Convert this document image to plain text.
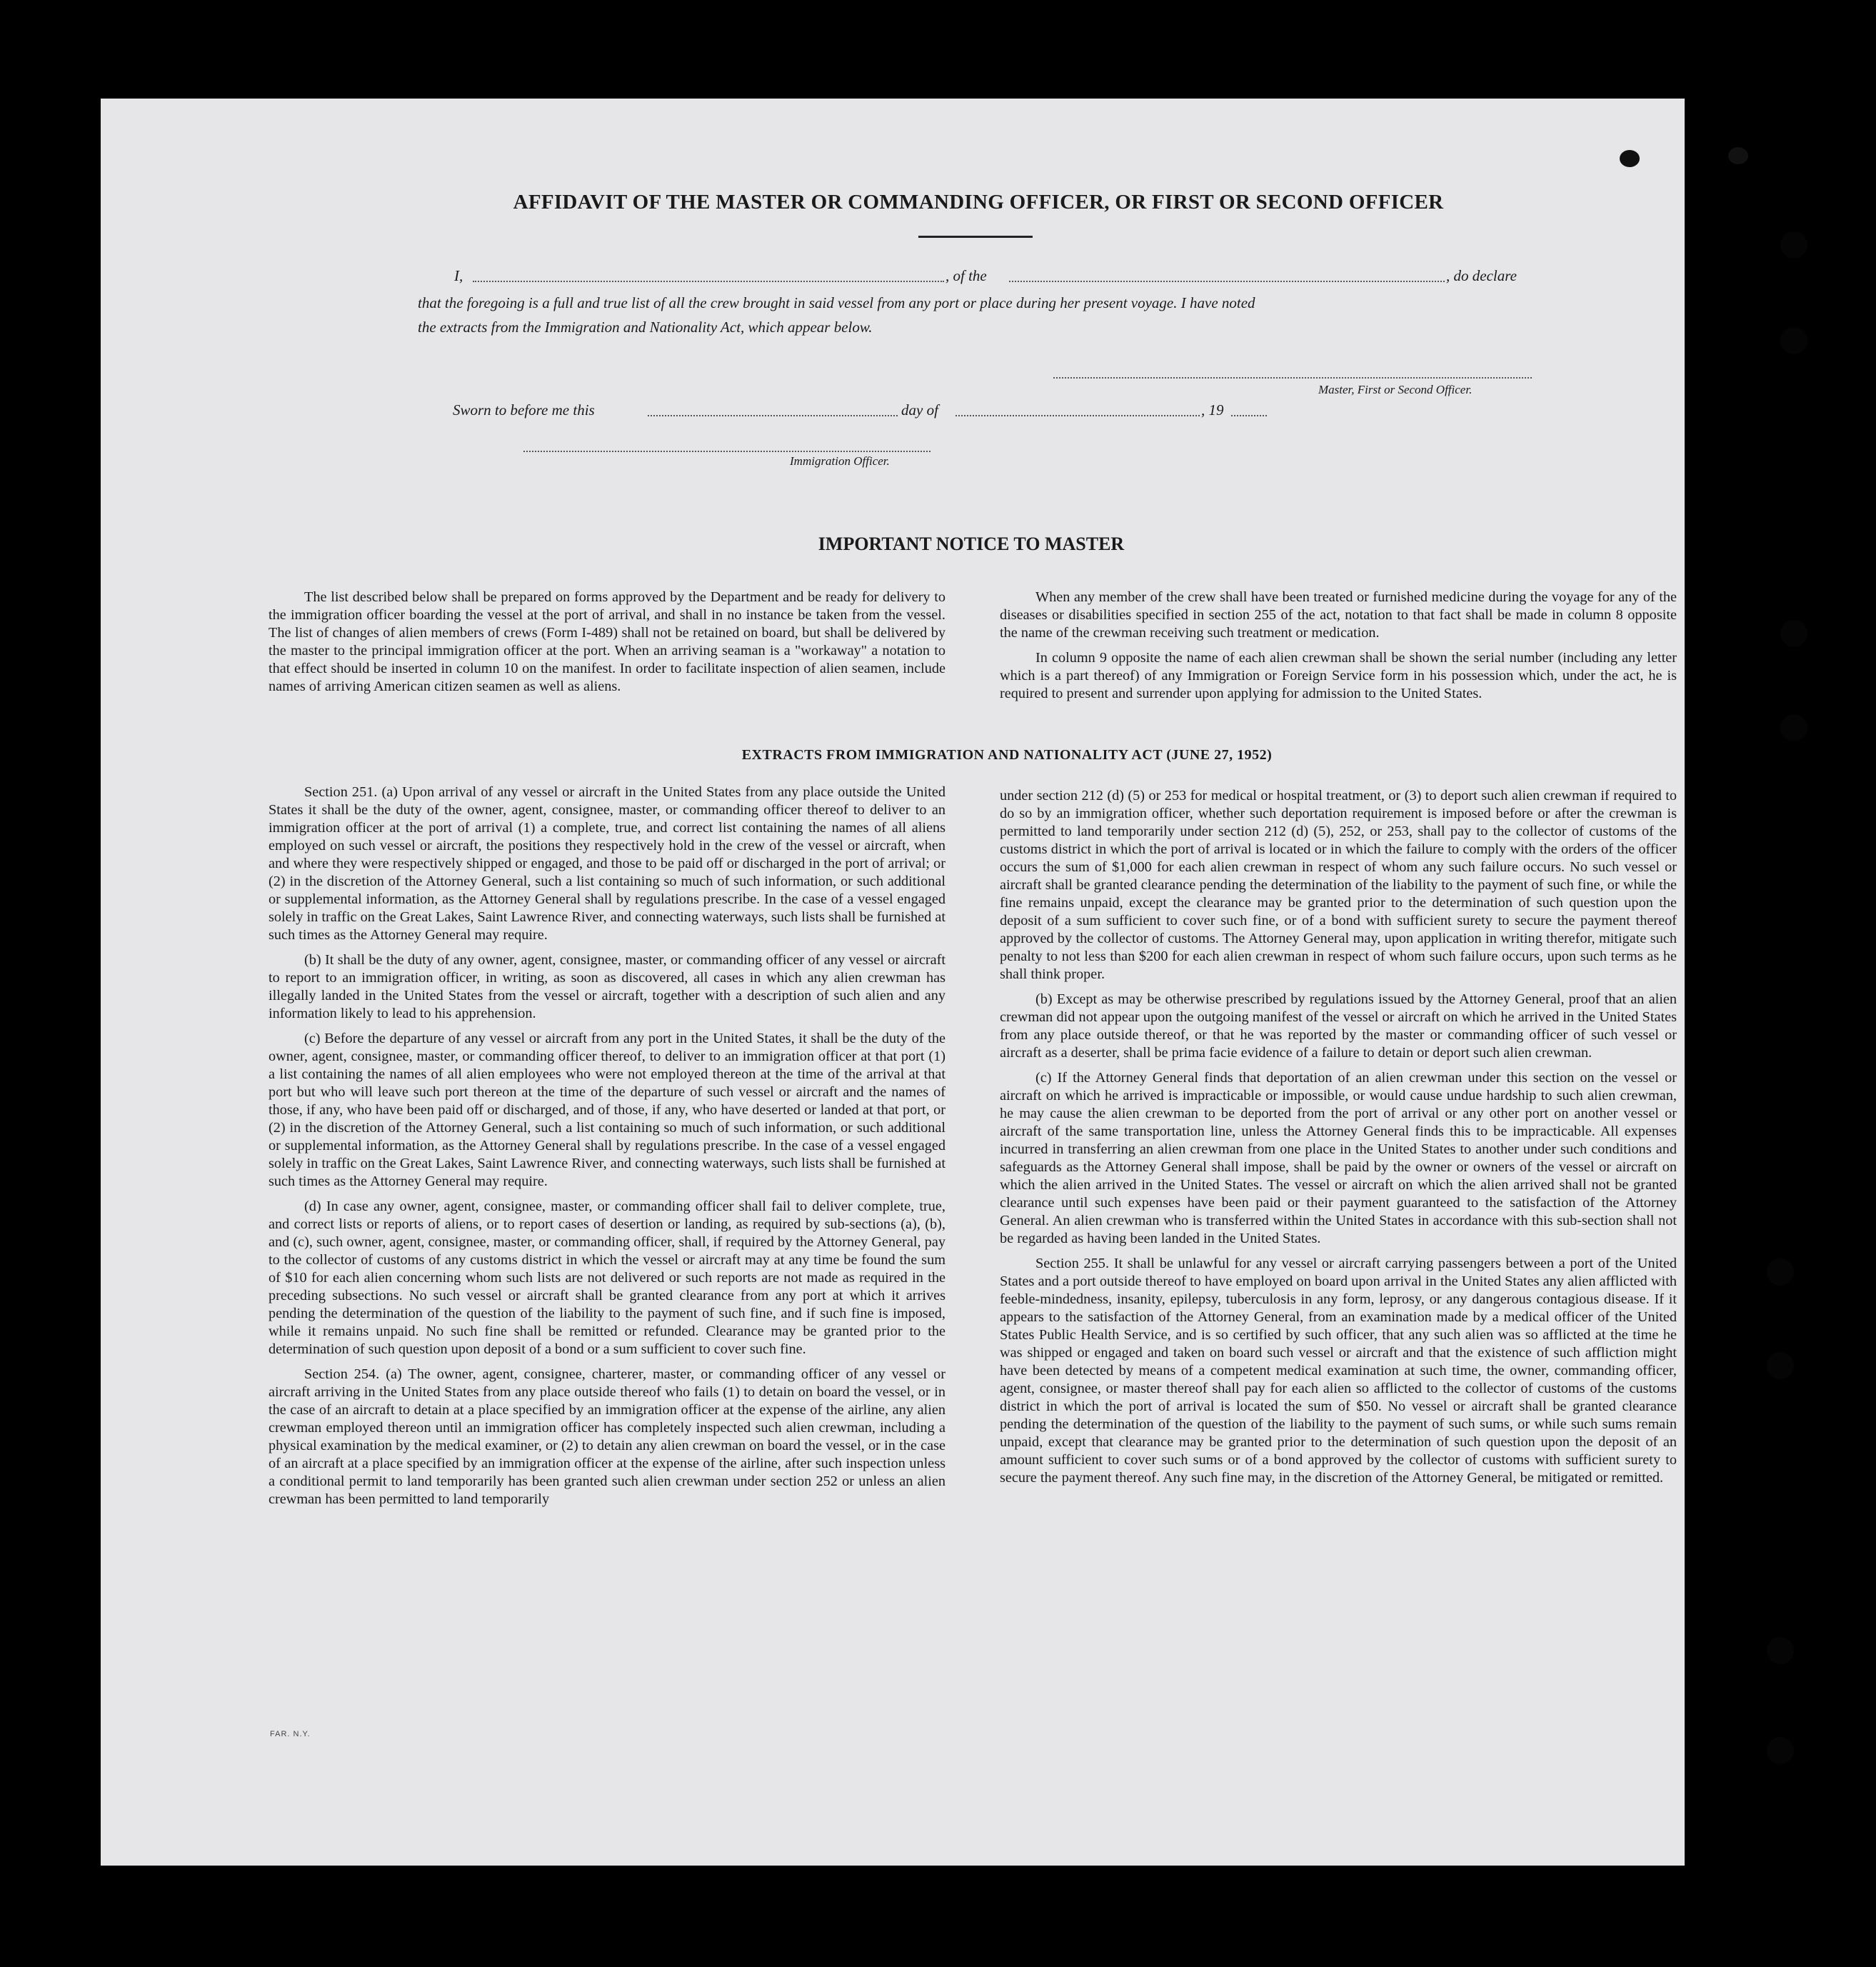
AFFIDAVIT OF THE MASTER OR COMMANDING OFFICER, OR FIRST OR SECOND OFFICER
I,	, of the	, do declare
that the foregoing is a full and true list of all the crew brought in said vessel from any port or place during her present voyage. I have noted
the extracts from the Immigration and Nationality Act, which appear below.
Master, First or Second Officer.
Sworn to before me this	day of	, 19
Immigration Officer.
IMPORTANT NOTICE TO MASTER

The list described below shall be prepared on forms approved by the Department and be ready for delivery to the immigration officer boarding the vessel at the port of arrival, and shall in no instance be taken from the vessel. The list of changes of alien members of crews (Form I-489) shall not be retained on board, but shall be delivered by the master to the principal immigration officer at the port. When an arriving seaman is a "workaway" a notation to that effect should be inserted in column 10 on the manifest. In order to facilitate inspection of alien seamen, include names of arriving American citizen seamen as well as aliens.

When any member of the crew shall have been treated or furnished medicine during the voyage for any of the diseases or disabilities specified in section 255 of the act, notation to that fact shall be made in column 8 opposite the name of the crewman receiving such treatment or medication.

In column 9 opposite the name of each alien crewman shall be shown the serial number (including any letter which is a part thereof) of any Immigration or Foreign Service form in his possession which, under the act, he is required to present and surrender upon applying for admission to the United States.

EXTRACTS FROM IMMIGRATION AND NATIONALITY ACT (JUNE 27, 1952)

Section 251. (a) Upon arrival of any vessel or aircraft in the United States from any place outside the United States it shall be the duty of the owner, agent, consignee, master, or commanding officer thereof to deliver to an immigration officer at the port of arrival (1) a complete, true, and correct list containing the names of all aliens employed on such vessel or aircraft, the positions they respectively hold in the crew of the vessel or aircraft, when and where they were respectively shipped or engaged, and those to be paid off or discharged in the port of arrival; or (2) in the discretion of the Attorney General, such a list containing so much of such information, or such additional or supplemental information, as the Attorney General shall by regulations prescribe. In the case of a vessel engaged solely in traffic on the Great Lakes, Saint Lawrence River, and connecting waterways, such lists shall be furnished at such times as the Attorney General may require.

(b) It shall be the duty of any owner, agent, consignee, master, or commanding officer of any vessel or aircraft to report to an immigration officer, in writing, as soon as discovered, all cases in which any alien crewman has illegally landed in the United States from the vessel or aircraft, together with a description of such alien and any information likely to lead to his apprehension.

(c) Before the departure of any vessel or aircraft from any port in the United States, it shall be the duty of the owner, agent, consignee, master, or commanding officer thereof, to deliver to an immigration officer at that port (1) a list containing the names of all alien employees who were not employed thereon at the time of the arrival at that port but who will leave such port thereon at the time of the departure of such vessel or aircraft and the names of those, if any, who have been paid off or discharged, and of those, if any, who have deserted or landed at that port, or (2) in the discretion of the Attorney General, such a list containing so much of such information, or such additional or supplemental information, as the Attorney General shall by regulations prescribe. In the case of a vessel engaged solely in traffic on the Great Lakes, Saint Lawrence River, and connecting waterways, such lists shall be furnished at such times as the Attorney General may require.

(d) In case any owner, agent, consignee, master, or commanding officer shall fail to deliver complete, true, and correct lists or reports of aliens, or to report cases of desertion or landing, as required by sub-sections (a), (b), and (c), such owner, agent, consignee, master, or commanding officer, shall, if required by the Attorney General, pay to the collector of customs of any customs district in which the vessel or aircraft may at any time be found the sum of $10 for each alien concerning whom such lists are not delivered or such reports are not made as required in the preceding subsections. No such vessel or aircraft shall be granted clearance from any port at which it arrives pending the determination of the question of the liability to the payment of such fine, and if such fine is imposed, while it remains unpaid. No such fine shall be remitted or refunded. Clearance may be granted prior to the determination of such question upon deposit of a bond or a sum sufficient to cover such fine.

Section 254. (a) The owner, agent, consignee, charterer, master, or commanding officer of any vessel or aircraft arriving in the United States from any place outside thereof who fails (1) to detain on board the vessel, or in the case of an aircraft to detain at a place specified by an immigration officer at the expense of the airline, any alien crewman employed thereon until an immigration officer has completely inspected such alien crewman, including a physical examination by the medical examiner, or (2) to detain any alien crewman on board the vessel, or in the case of an aircraft at a place specified by an immigration officer at the expense of the airline, after such inspection unless a conditional permit to land temporarily has been granted such alien crewman under section 252 or unless an alien crewman has been permitted to land temporarily

under section 212 (d) (5) or 253 for medical or hospital treatment, or (3) to deport such alien crewman if required to do so by an immigration officer, whether such deportation requirement is imposed before or after the crewman is permitted to land temporarily under section 212 (d) (5), 252, or 253, shall pay to the collector of customs of the customs district in which the port of arrival is located or in which the failure to comply with the orders of the officer occurs the sum of $1,000 for each alien crewman in respect of whom any such failure occurs. No such vessel or aircraft shall be granted clearance pending the determination of the liability to the payment of such fine, or while the fine remains unpaid, except the clearance may be granted prior to the determination of such question upon the deposit of a sum sufficient to cover such fine, or of a bond with sufficient surety to secure the payment thereof approved by the collector of customs. The Attorney General may, upon application in writing therefor, mitigate such penalty to not less than $200 for each alien crewman in respect of whom such failure occurs, upon such terms as he shall think proper.

(b) Except as may be otherwise prescribed by regulations issued by the Attorney General, proof that an alien crewman did not appear upon the outgoing manifest of the vessel or aircraft on which he arrived in the United States from any place outside thereof, or that he was reported by the master or commanding officer of such vessel or aircraft as a deserter, shall be prima facie evidence of a failure to detain or deport such alien crewman.

(c) If the Attorney General finds that deportation of an alien crewman under this section on the vessel or aircraft on which he arrived is impracticable or impossible, or would cause undue hardship to such alien crewman, he may cause the alien crewman to be deported from the port of arrival or any other port on another vessel or aircraft of the same transportation line, unless the Attorney General finds this to be impracticable. All expenses incurred in transferring an alien crewman from one place in the United States to another under such conditions and safeguards as the Attorney General shall impose, shall be paid by the owner or owners of the vessel or aircraft on which the alien arrived in the United States. The vessel or aircraft on which the alien arrived shall not be granted clearance until such expenses have been paid or their payment guaranteed to the satisfaction of the Attorney General. An alien crewman who is transferred within the United States in accordance with this sub-section shall not be regarded as having been landed in the United States.

Section 255. It shall be unlawful for any vessel or aircraft carrying passengers between a port of the United States and a port outside thereof to have employed on board upon arrival in the United States any alien afflicted with feeble-mindedness, insanity, epilepsy, tuberculosis in any form, leprosy, or any dangerous contagious disease. If it appears to the satisfaction of the Attorney General, from an examination made by a medical officer of the United States Public Health Service, and is so certified by such officer, that any such alien was so afflicted at the time he was shipped or engaged and taken on board such vessel or aircraft and that the existence of such affliction might have been detected by means of a competent medical examination at such time, the owner, commanding officer, agent, consignee, or master thereof shall pay for each alien so afflicted to the collector of customs of the customs district in which the port of arrival is located the sum of $50. No vessel or aircraft shall be granted clearance pending the determination of the question of the liability to the payment of such sums, or while such sums remain unpaid, except that clearance may be granted prior to the determination of such question upon the deposit of an amount sufficient to cover such sums or of a bond approved by the collector of customs with sufficient surety to secure the payment thereof. Any such fine may, in the discretion of the Attorney General, be mitigated or remitted.

FAR. N.Y.
